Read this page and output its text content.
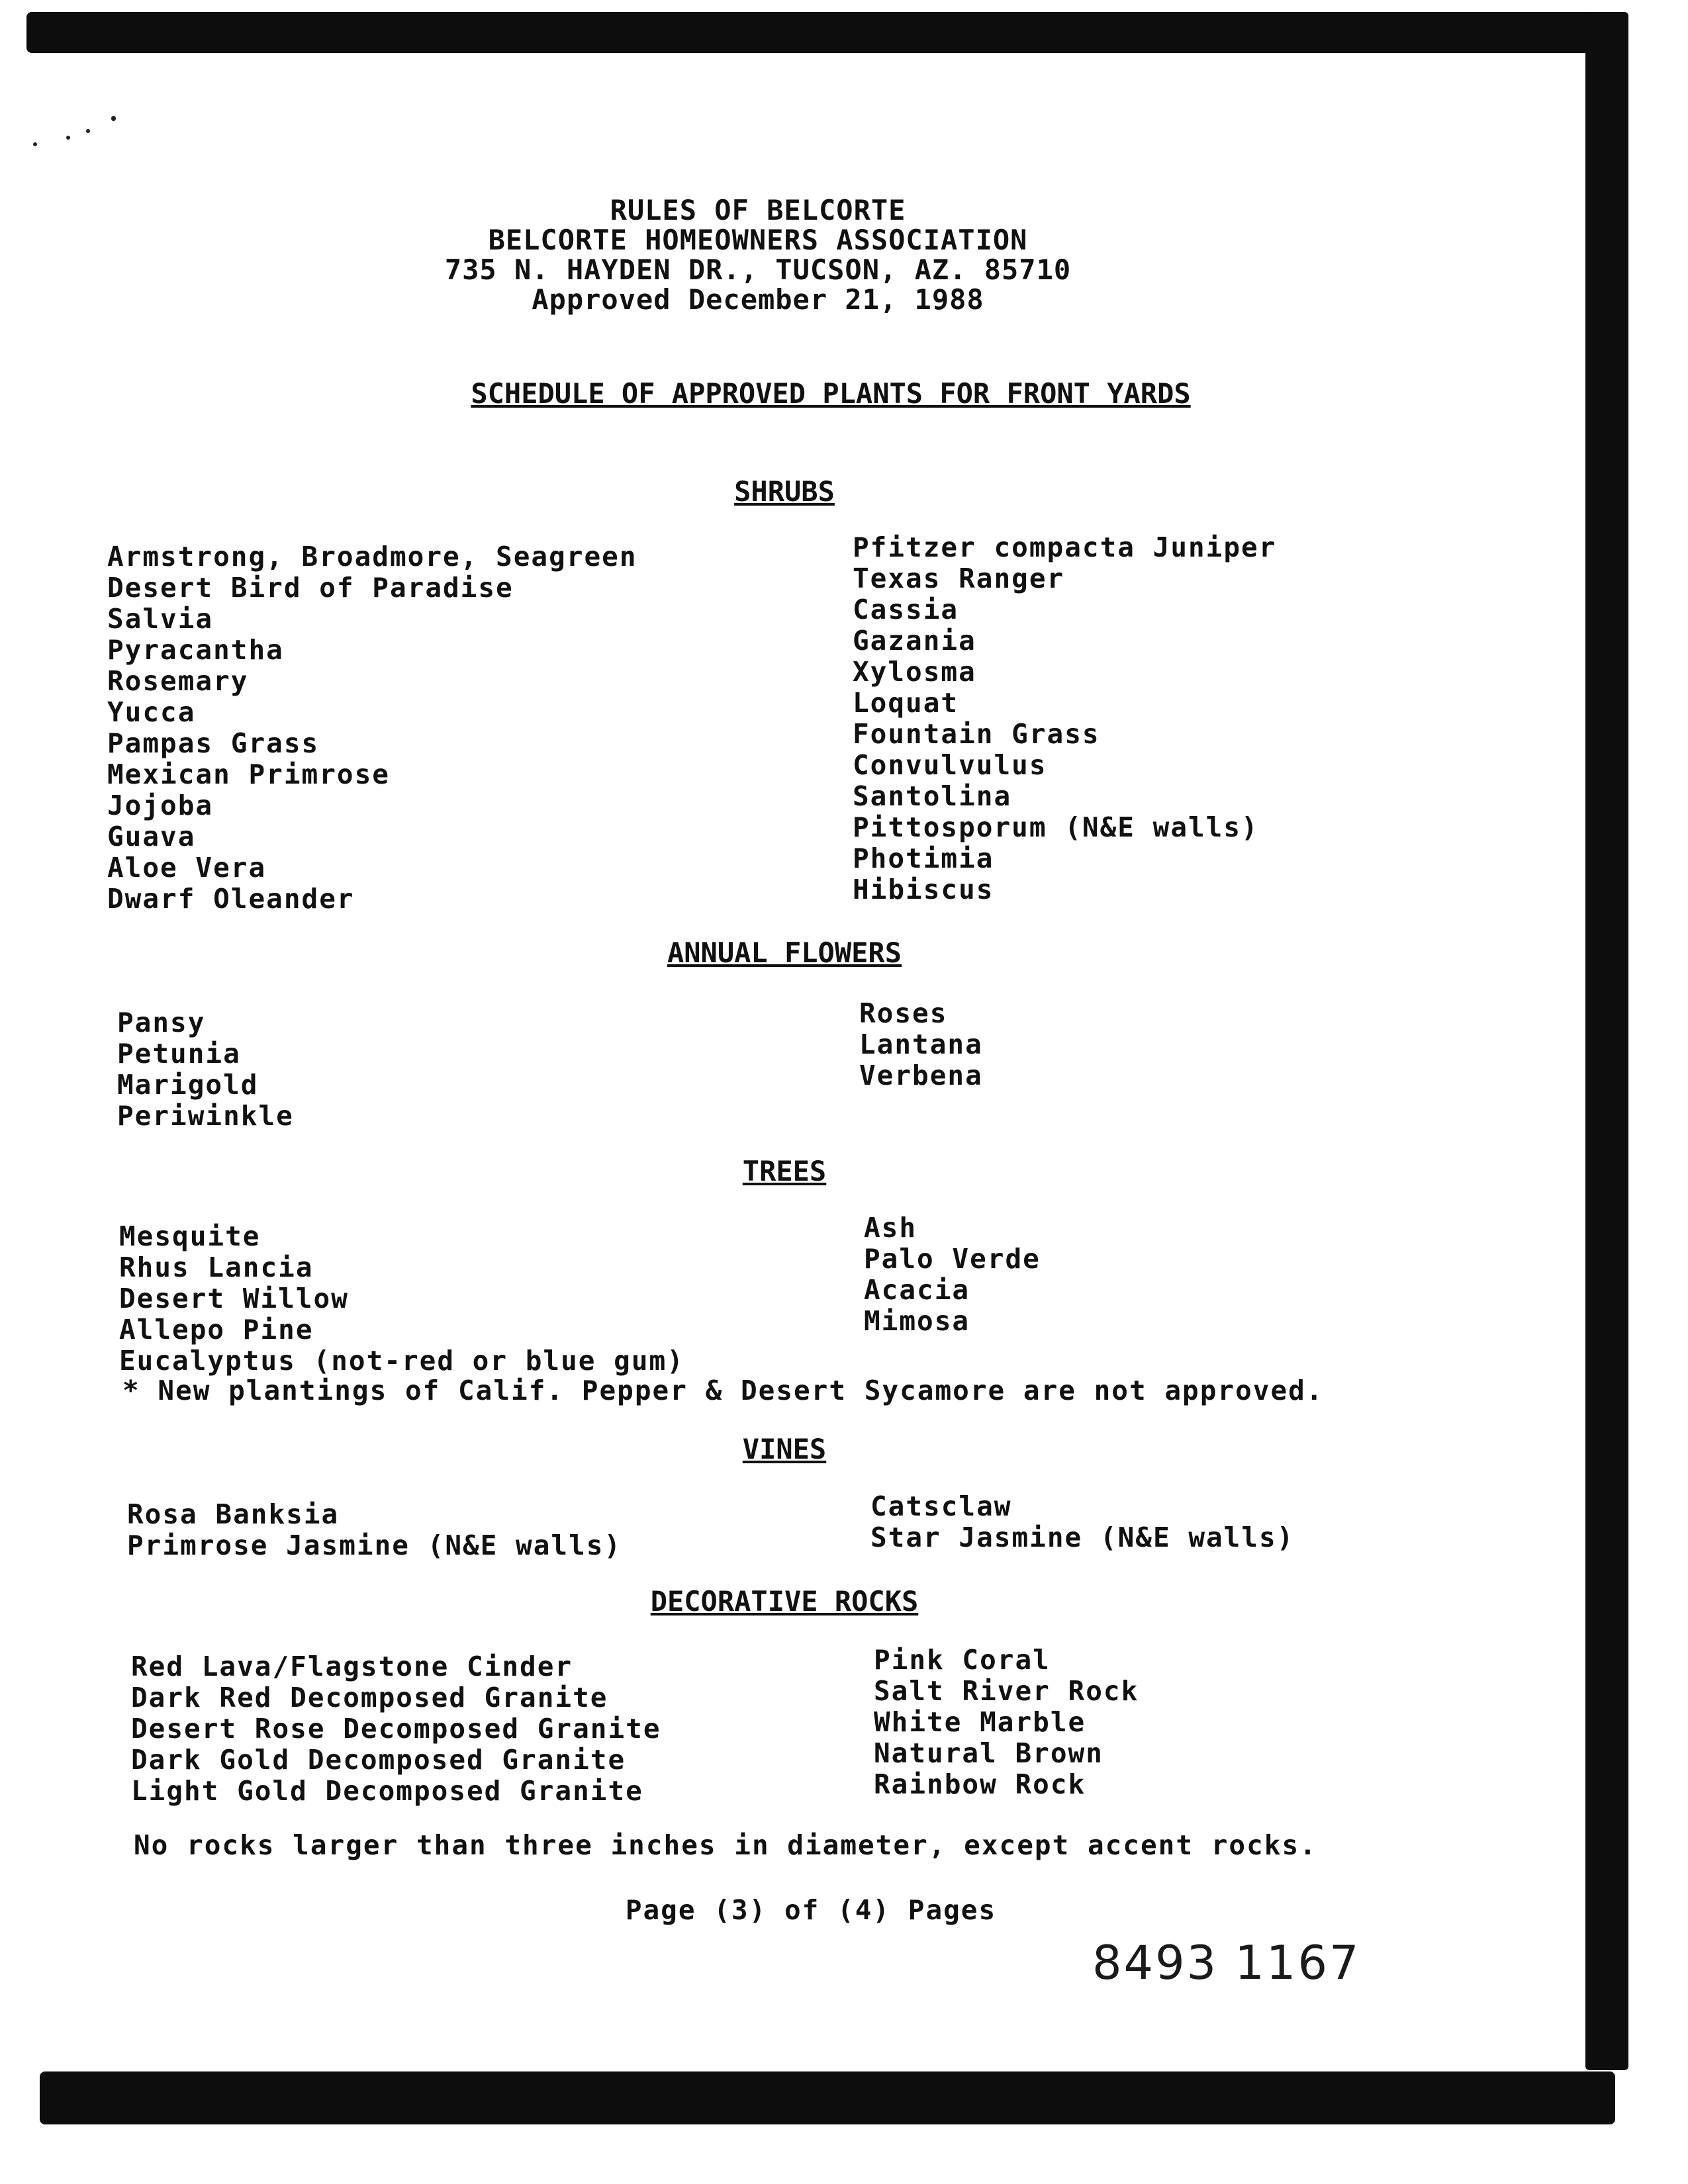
RULES OF BELCORTE
BELCORTE HOMEOWNERS ASSOCIATION
735 N. HAYDEN DR., TUCSON, AZ. 85710
Approved December 21, 1988
SCHEDULE OF APPROVED PLANTS FOR FRONT YARDS
SHRUBS
Armstrong, Broadmore, Seagreen
Desert Bird of Paradise
Salvia
Pyracantha
Rosemary
Yucca
Pampas Grass
Mexican Primrose
Jojoba
Guava
Aloe Vera
Dwarf Oleander
Pfitzer compacta Juniper
Texas Ranger
Cassia
Gazania
Xylosma
Loquat
Fountain Grass
Convulvulus
Santolina
Pittosporum (N&E walls)
Photimia
Hibiscus
ANNUAL FLOWERS
Pansy
Petunia
Marigold
Periwinkle
Roses
Lantana
Verbena
TREES
Mesquite
Rhus Lancia
Desert Willow
Allepo Pine
Eucalyptus (not-red or blue gum)
Ash
Palo Verde
Acacia
Mimosa
* New plantings of Calif. Pepper & Desert Sycamore are not approved.
VINES
Rosa Banksia
Primrose Jasmine (N&E walls)
Catsclaw
Star Jasmine (N&E walls)
DECORATIVE ROCKS
Red Lava/Flagstone Cinder
Dark Red Decomposed Granite
Desert Rose Decomposed Granite
Dark Gold Decomposed Granite
Light Gold Decomposed Granite
Pink Coral
Salt River Rock
White Marble
Natural Brown
Rainbow Rock
No rocks larger than three inches in diameter, except accent rocks.
Page (3) of (4) Pages
8493 1167
